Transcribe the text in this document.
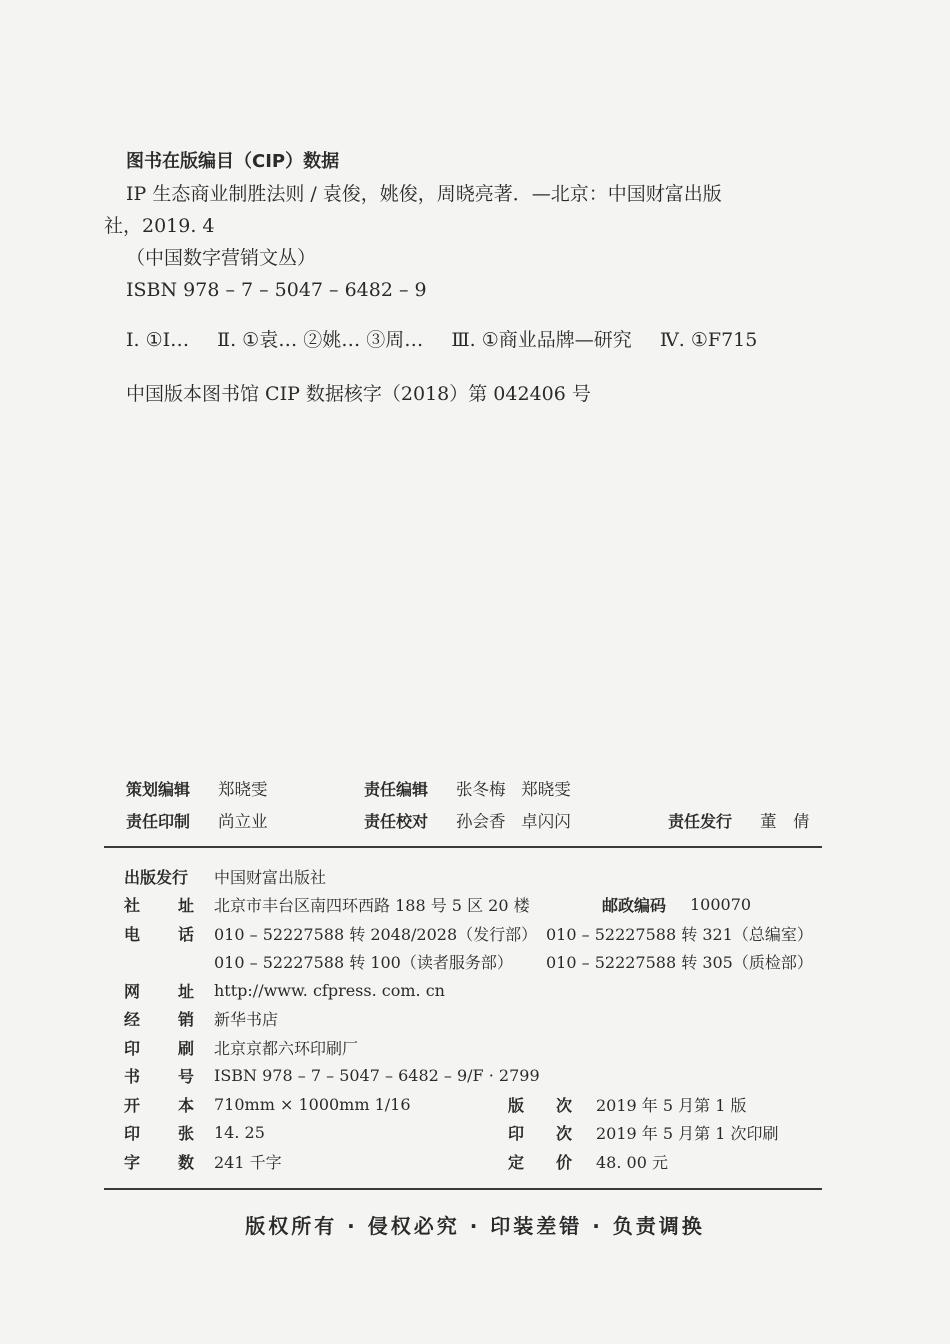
图书在版编目（CIP）数据
IP 生态商业制胜法则 / 袁俊，姚俊，周晓亮著．—北京：中国财富出版
社，2019. 4
（中国数字营销文丛）
ISBN 978 – 7 – 5047 – 6482 – 9
Ⅰ. ①I… Ⅱ. ①袁… ②姚… ③周… Ⅲ. ①商业品牌—研究 Ⅳ. ①F715
中国版本图书馆 CIP 数据核字（2018）第 042406 号
策划编辑	郑晓雯	责任编辑	张冬梅   郑晓雯
责任印制	尚立业	责任校对	孙会香   卓闪闪	责任发行	董　倩
出版发行	中国财富出版社
社 址 北京市丰台区南四环西路 188 号 5 区 20 楼	邮政编码	100070
电 话 010 – 52227588 转 2048/2028（发行部） 010 – 52227588 转 321（总编室）
010 – 52227588 转 100（读者服务部）	010 – 52227588 转 305（质检部）
网 址 http://www. cfpress. com. cn
经 销 新华书店
印 刷 北京京都六环印刷厂
书 号 ISBN 978 – 7 – 5047 – 6482 – 9/F · 2799
开 本 710mm × 1000mm 1/16	版 次 2019 年 5 月第 1 版
印 张 14. 25	印 次 2019 年 5 月第 1 次印刷
字 数 241 千字	定 价 48. 00 元
版权所有 · 侵权必究 · 印装差错 · 负责调换
